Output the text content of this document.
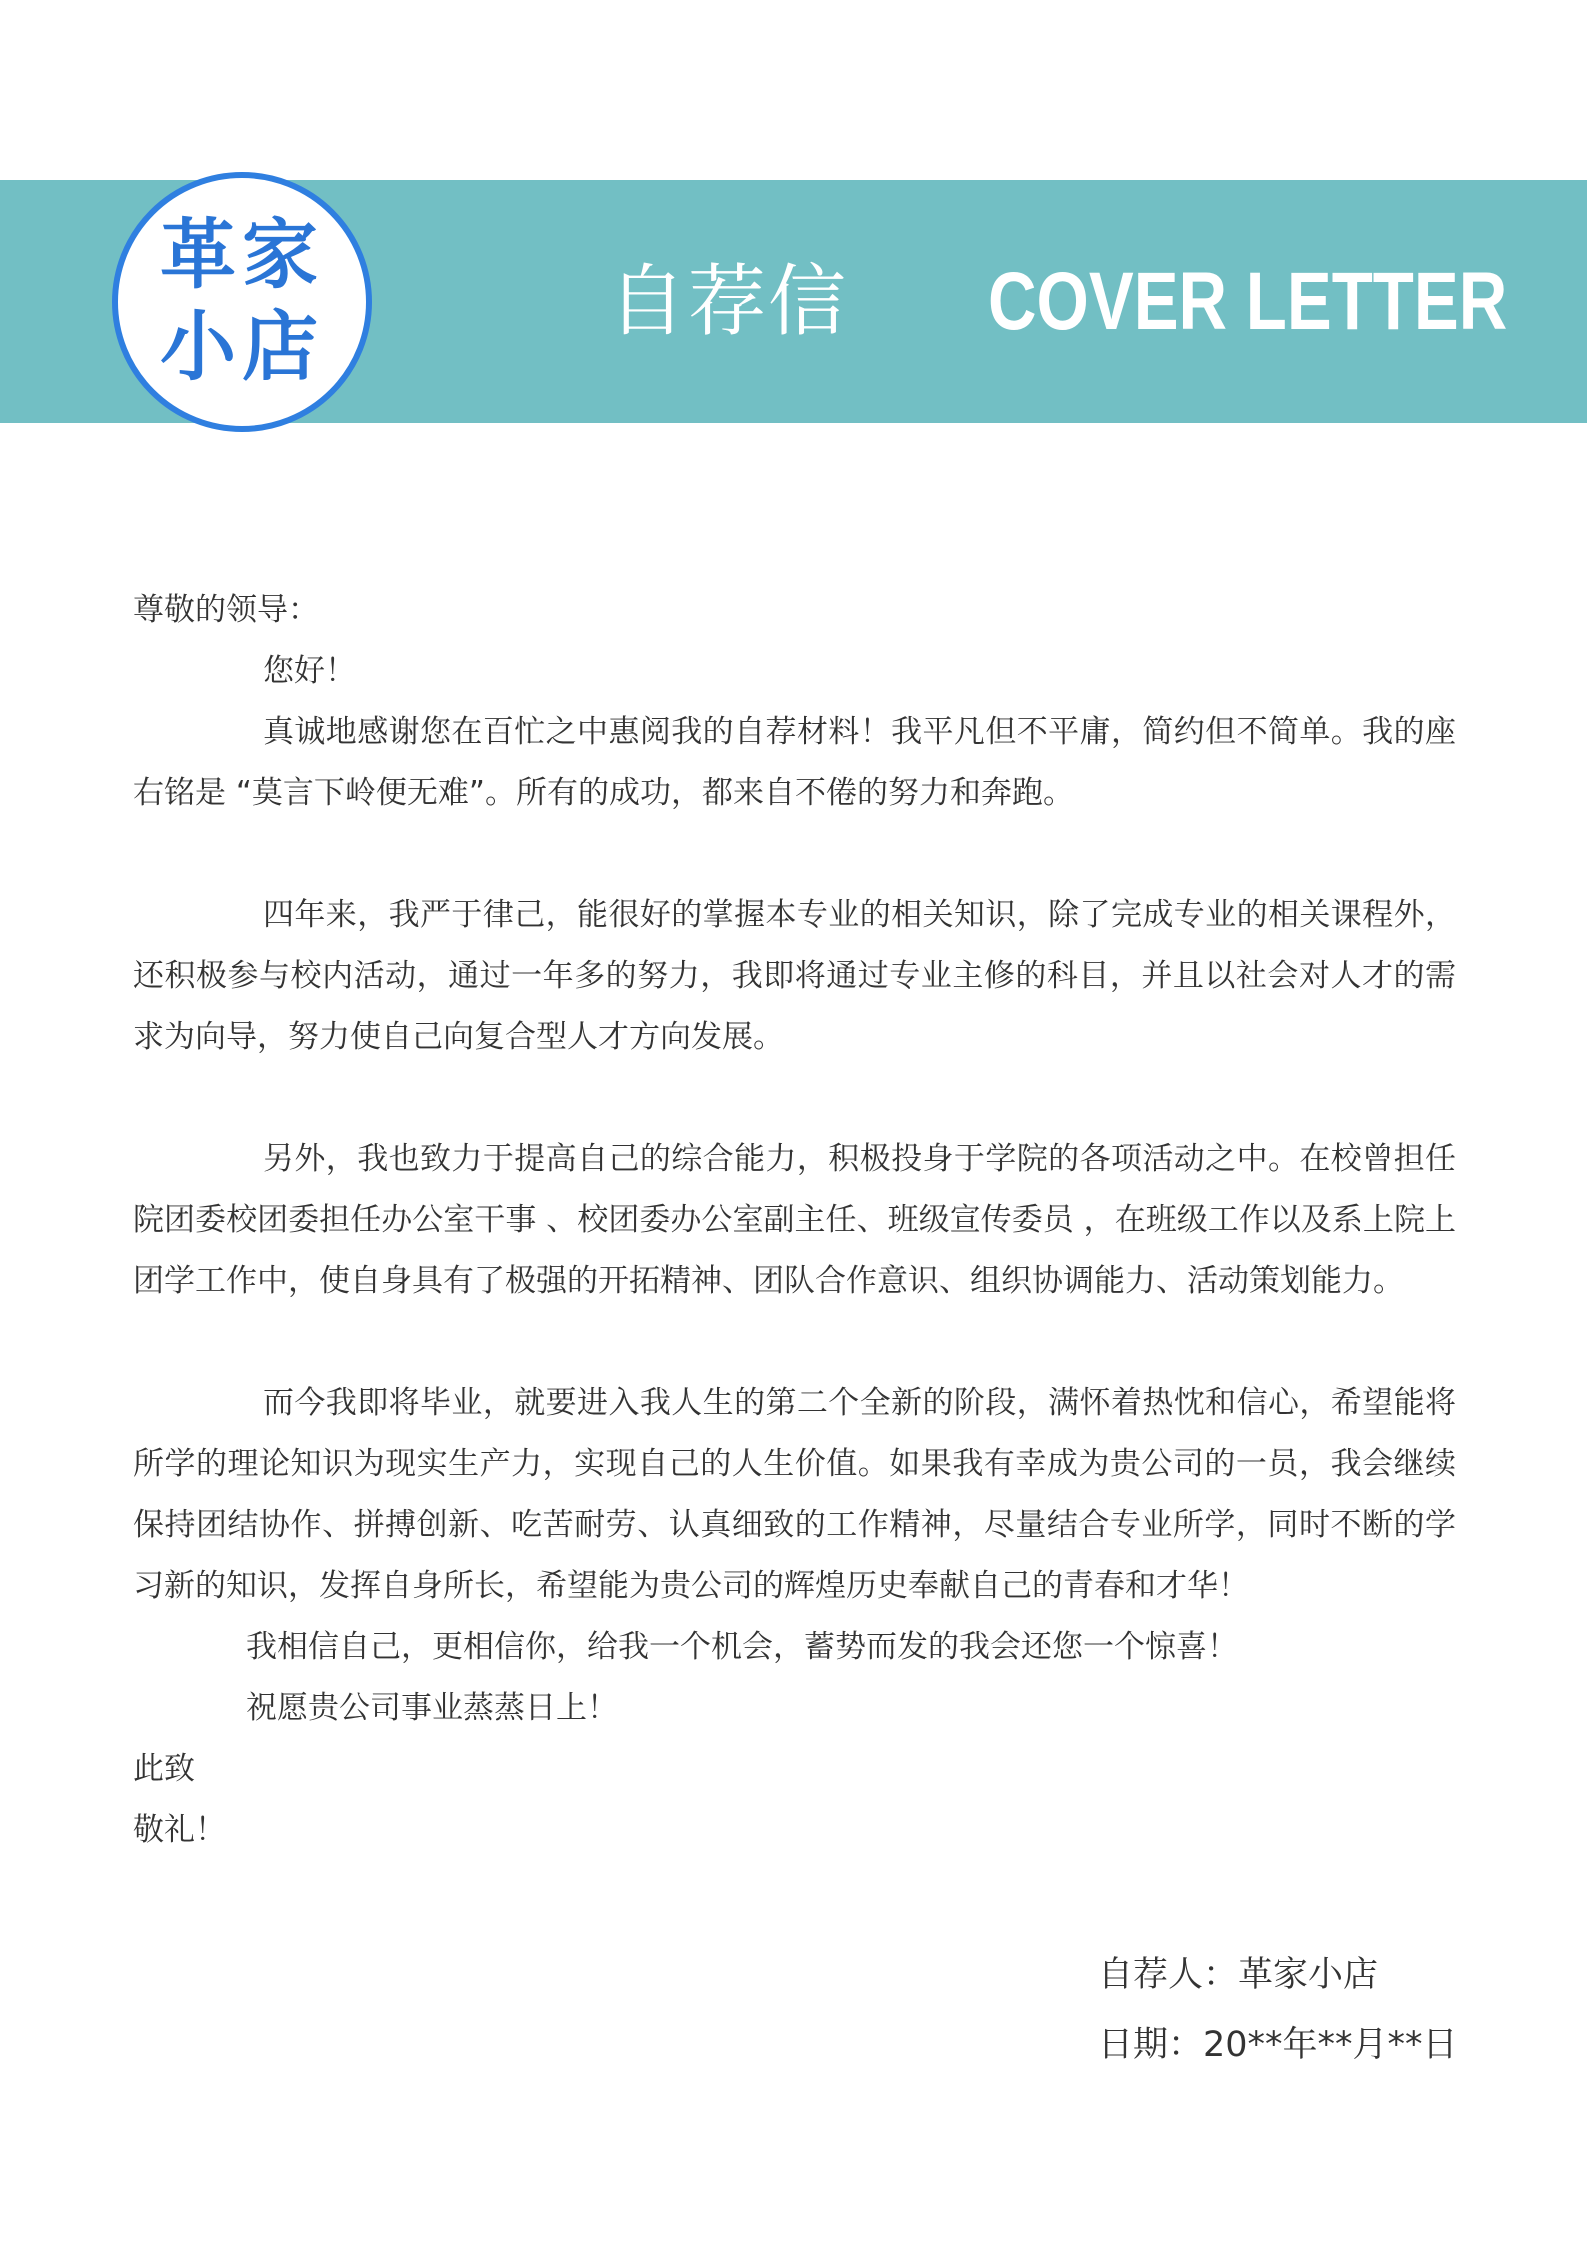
革家
小店	自荐信 COVER LETTER

尊敬的领导：

您好！

真诚地感谢您在百忙之中惠阅我的自荐材料！我平凡但不平庸，简约但不简单。我的座右铭是 “莫言下岭便无难”。所有的成功，都来自不倦的努力和奔跑。

四年来，我严于律己，能很好的掌握本专业的相关知识，除了完成专业的相关课程外，还积极参与校内活动，通过一年多的努力，我即将通过专业主修的科目，并且以社会对人才的需求为向导，努力使自己向复合型人才方向发展。

另外，我也致力于提高自己的综合能力，积极投身于学院的各项活动之中。在校曾担任院团委校团委担任办公室干事 、校团委办公室副主任、班级宣传委员 ，在班级工作以及系上院上团学工作中，使自身具有了极强的开拓精神、团队合作意识、组织协调能力、活动策划能力。

而今我即将毕业，就要进入我人生的第二个全新的阶段，满怀着热忱和信心，希望能将所学的理论知识为现实生产力，实现自己的人生价值。如果我有幸成为贵公司的一员，我会继续保持团结协作、拼搏创新、吃苦耐劳、认真细致的工作精神，尽量结合专业所学，同时不断的学习新的知识，发挥自身所长，希望能为贵公司的辉煌历史奉献自己的青春和才华！

我相信自己，更相信你，给我一个机会，蓄势而发的我会还您一个惊喜！

祝愿贵公司事业蒸蒸日上！

此致

敬礼！

自荐人：革家小店
日期：20**年**月**日
